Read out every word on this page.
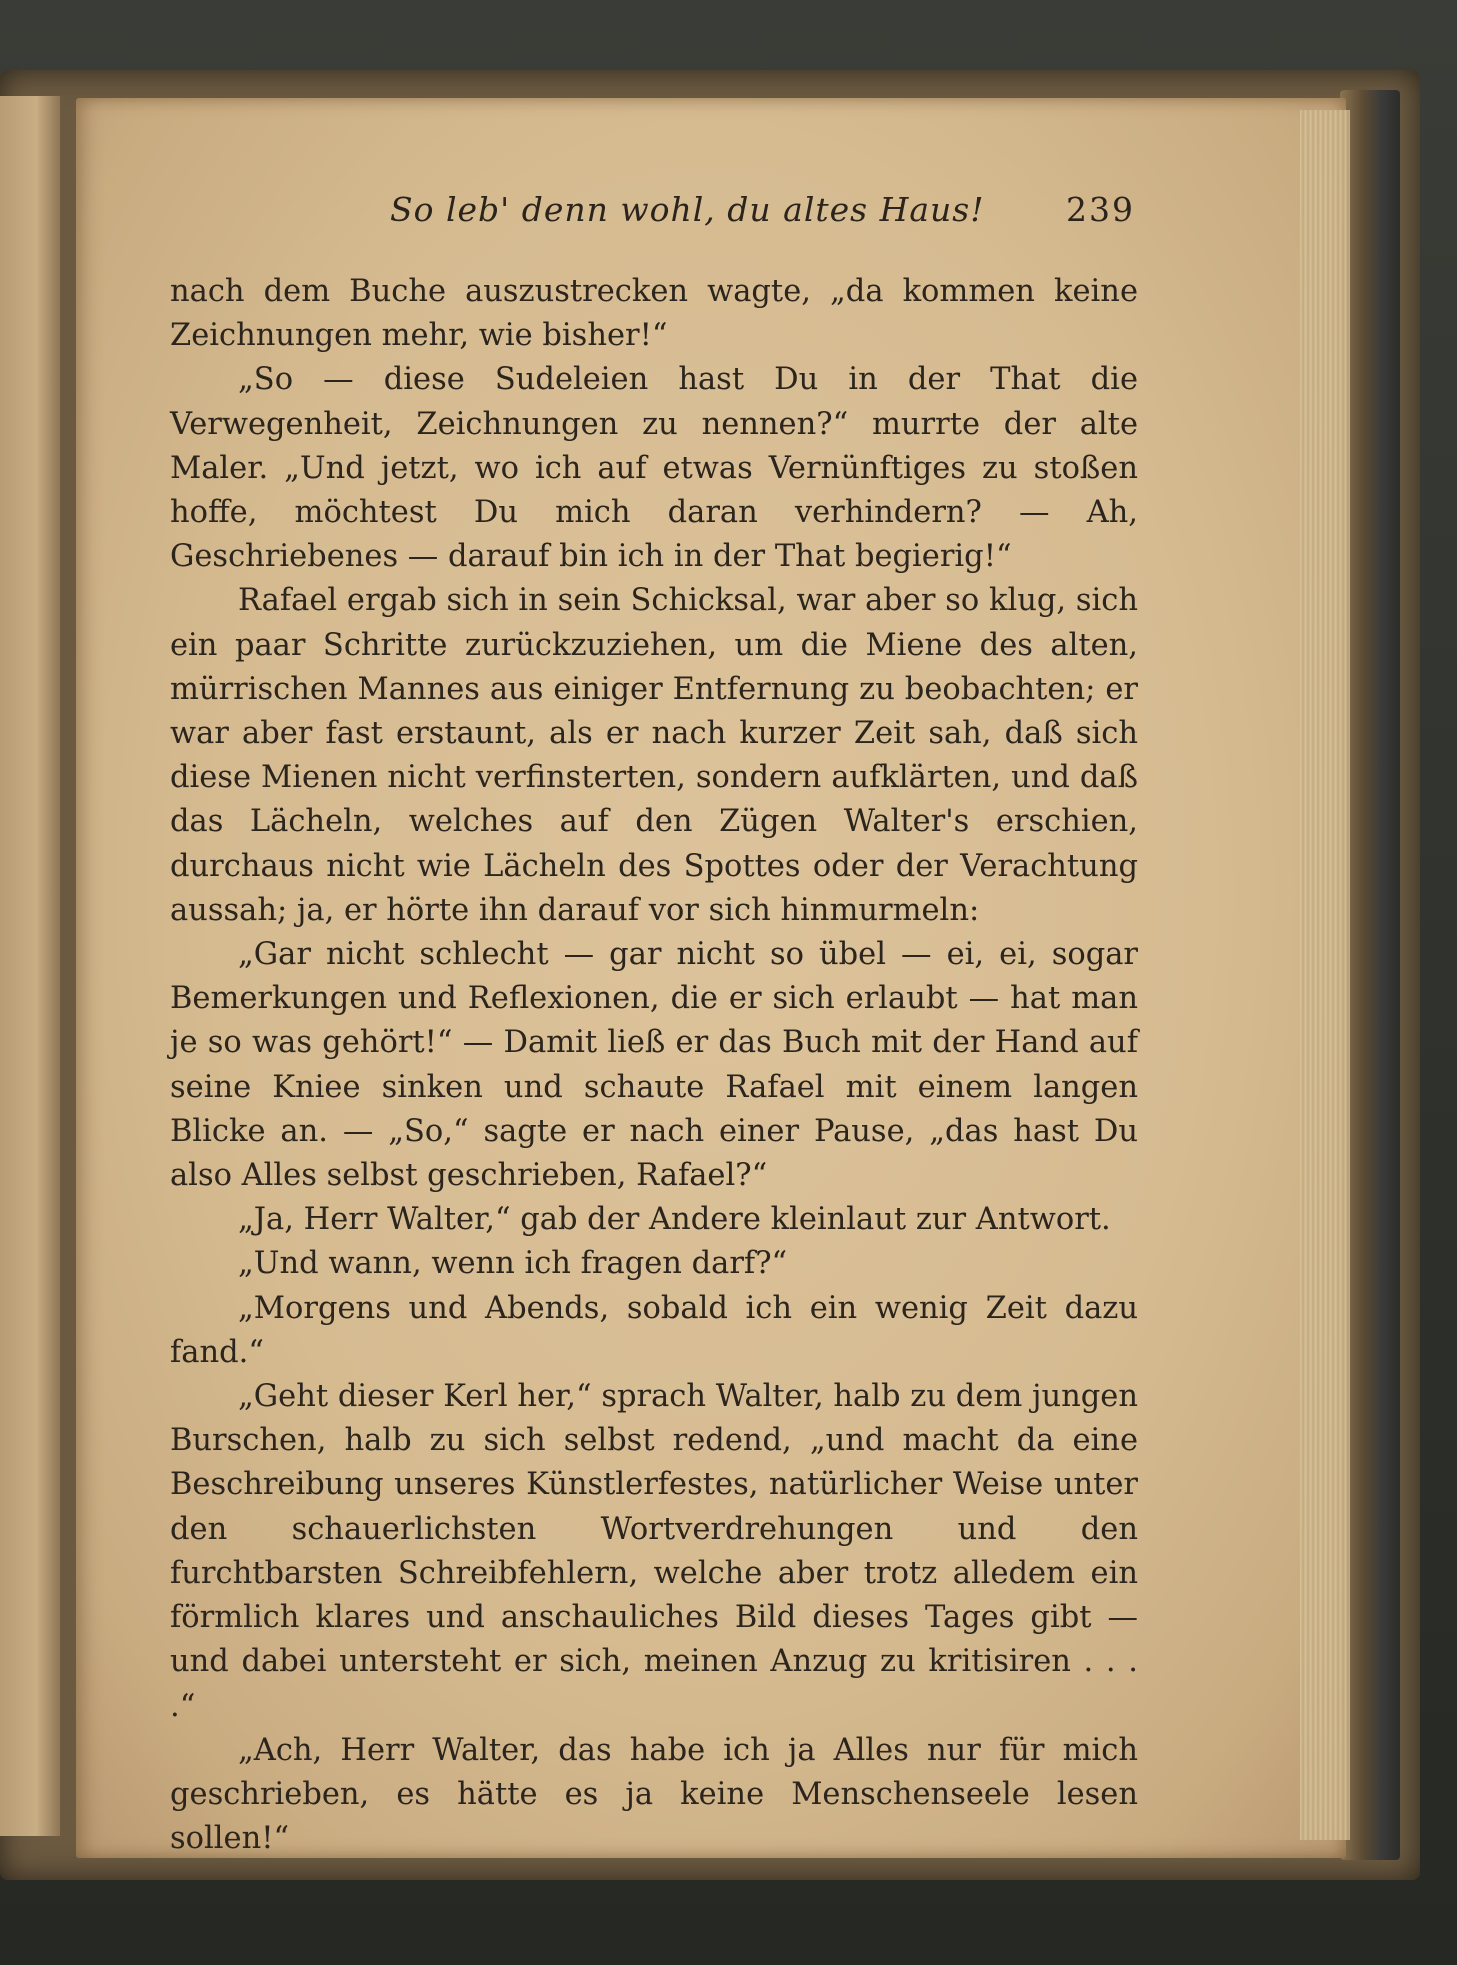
So leb' denn wohl, du altes Haus! 239

nach dem Buche auszustrecken wagte, „da kommen keine Zeichnungen mehr, wie bisher!“

„So — diese Sudeleien hast Du in der That die Verwegenheit, Zeichnungen zu nennen?“ murrte der alte Maler. „Und jetzt, wo ich auf etwas Vernünftiges zu stoßen hoffe, möchtest Du mich daran verhindern? — Ah, Geschriebenes — darauf bin ich in der That begierig!“

Rafael ergab sich in sein Schicksal, war aber so klug, sich ein paar Schritte zurückzuziehen, um die Miene des alten, mürrischen Mannes aus einiger Entfernung zu beobachten; er war aber fast erstaunt, als er nach kurzer Zeit sah, daß sich diese Mienen nicht verfinsterten, sondern aufklärten, und daß das Lächeln, welches auf den Zügen Walter's erschien, durchaus nicht wie Lächeln des Spottes oder der Verachtung aussah; ja, er hörte ihn darauf vor sich hinmurmeln:

„Gar nicht schlecht — gar nicht so übel — ei, ei, sogar Bemerkungen und Reflexionen, die er sich erlaubt — hat man je so was gehört!“ — Damit ließ er das Buch mit der Hand auf seine Kniee sinken und schaute Rafael mit einem langen Blicke an. — „So,“ sagte er nach einer Pause, „das hast Du also Alles selbst geschrieben, Rafael?“

„Ja, Herr Walter,“ gab der Andere kleinlaut zur Antwort.

„Und wann, wenn ich fragen darf?“

„Morgens und Abends, sobald ich ein wenig Zeit dazu fand.“

„Geht dieser Kerl her,“ sprach Walter, halb zu dem jungen Burschen, halb zu sich selbst redend, „und macht da eine Beschreibung unseres Künstlerfestes, natürlicher Weise unter den schauerlichsten Wortverdrehungen und den furchtbarsten Schreibfehlern, welche aber trotz alledem ein förmlich klares und anschauliches Bild dieses Tages gibt — und dabei untersteht er sich, meinen Anzug zu kritisiren . . . .“

„Ach, Herr Walter, das habe ich ja Alles nur für mich geschrieben, es hätte es ja keine Menschenseele lesen sollen!“
